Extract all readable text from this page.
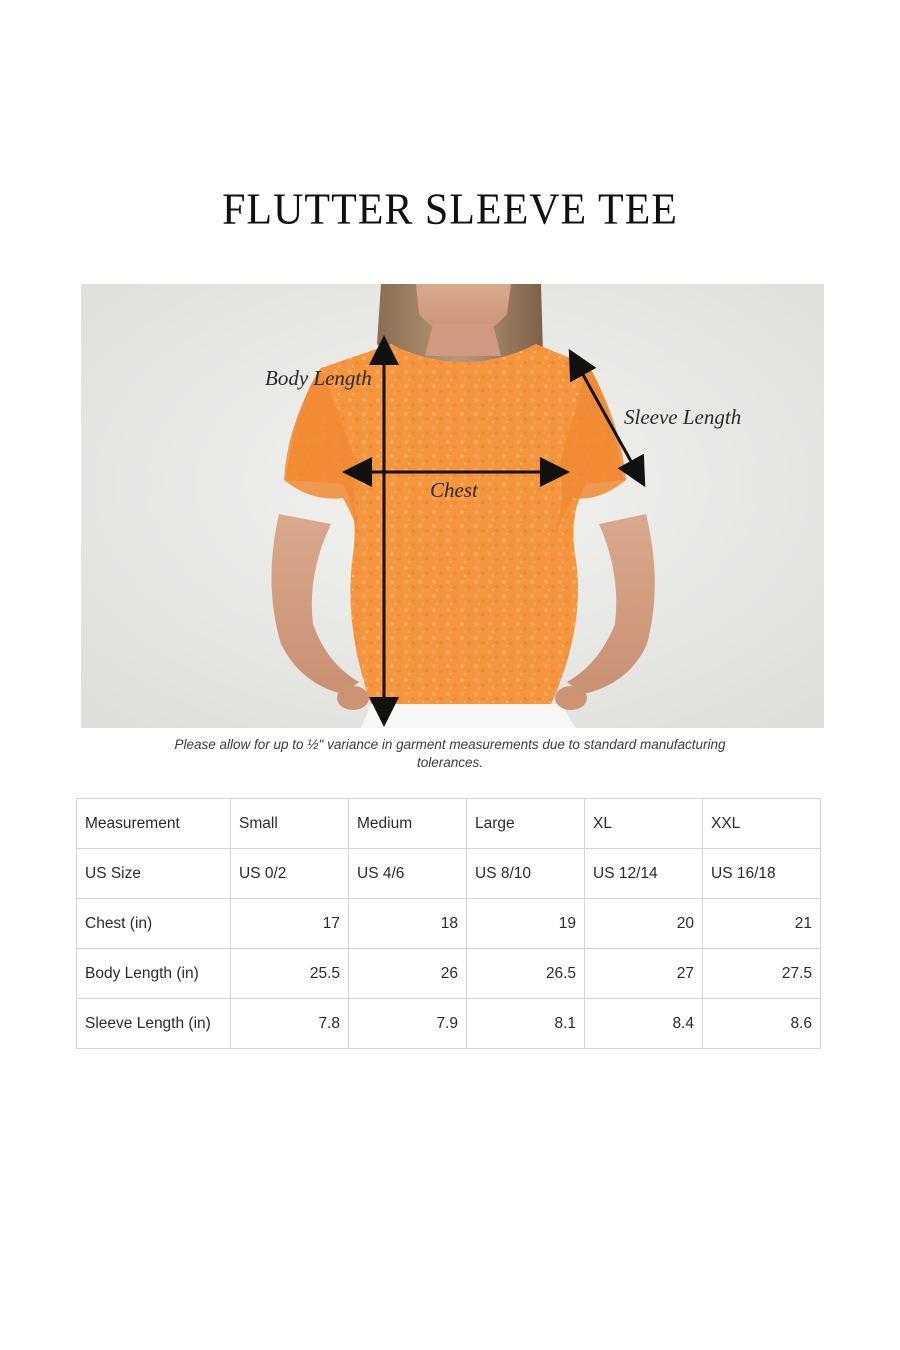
FLUTTER SLEEVE TEE
Body Length
Chest
Sleeve Length

Please allow for up to ½" variance in garment measurements due to standard manufacturing tolerances.

Measurement	Small	Medium	Large	XL	XXL
US Size	US 0/2	US 4/6	US 8/10	US 12/14	US 16/18
Chest (in)	17	18	19	20	21
Body Length (in)	25.5	26	26.5	27	27.5
Sleeve Length (in)	7.8	7.9	8.1	8.4	8.6
